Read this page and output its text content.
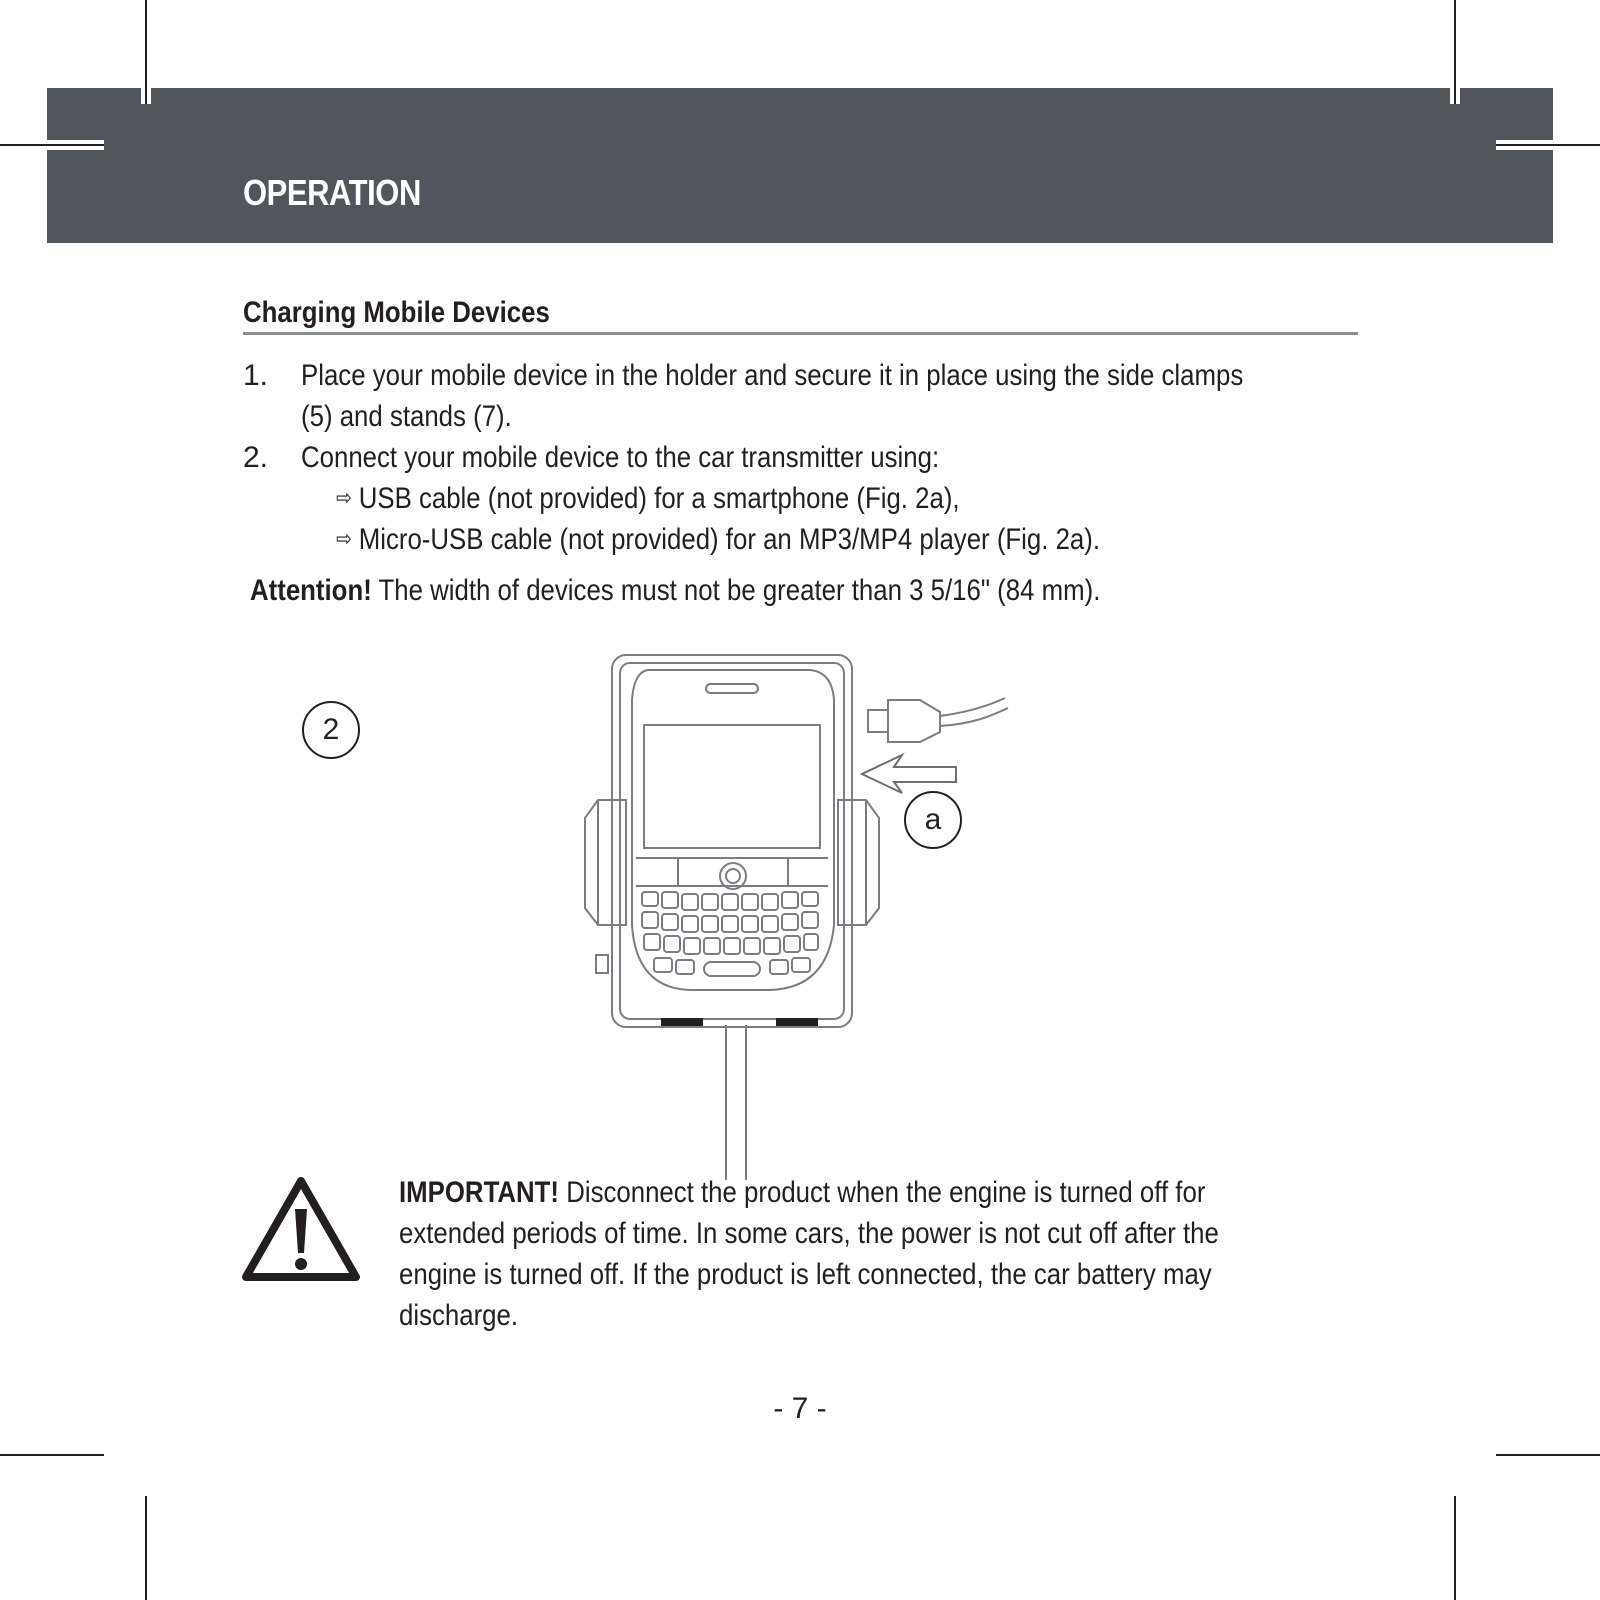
OPERATION
Charging Mobile Devices
1. Place your mobile device in the holder and secure it in place using the side clamps
(5) and stands (7).
2. Connect your mobile device to the car transmitter using:
⇨ USB cable (not provided) for a smartphone (Fig. 2a),
⇨ Micro-USB cable (not provided) for an MP3/MP4 player (Fig. 2a).
Attention! The width of devices must not be greater than 3 5/16" (84 mm).
2
a
IMPORTANT! Disconnect the product when the engine is turned off for
extended periods of time. In some cars, the power is not cut off after the
engine is turned off. If the product is left connected, the car battery may
discharge.
- 7 -
